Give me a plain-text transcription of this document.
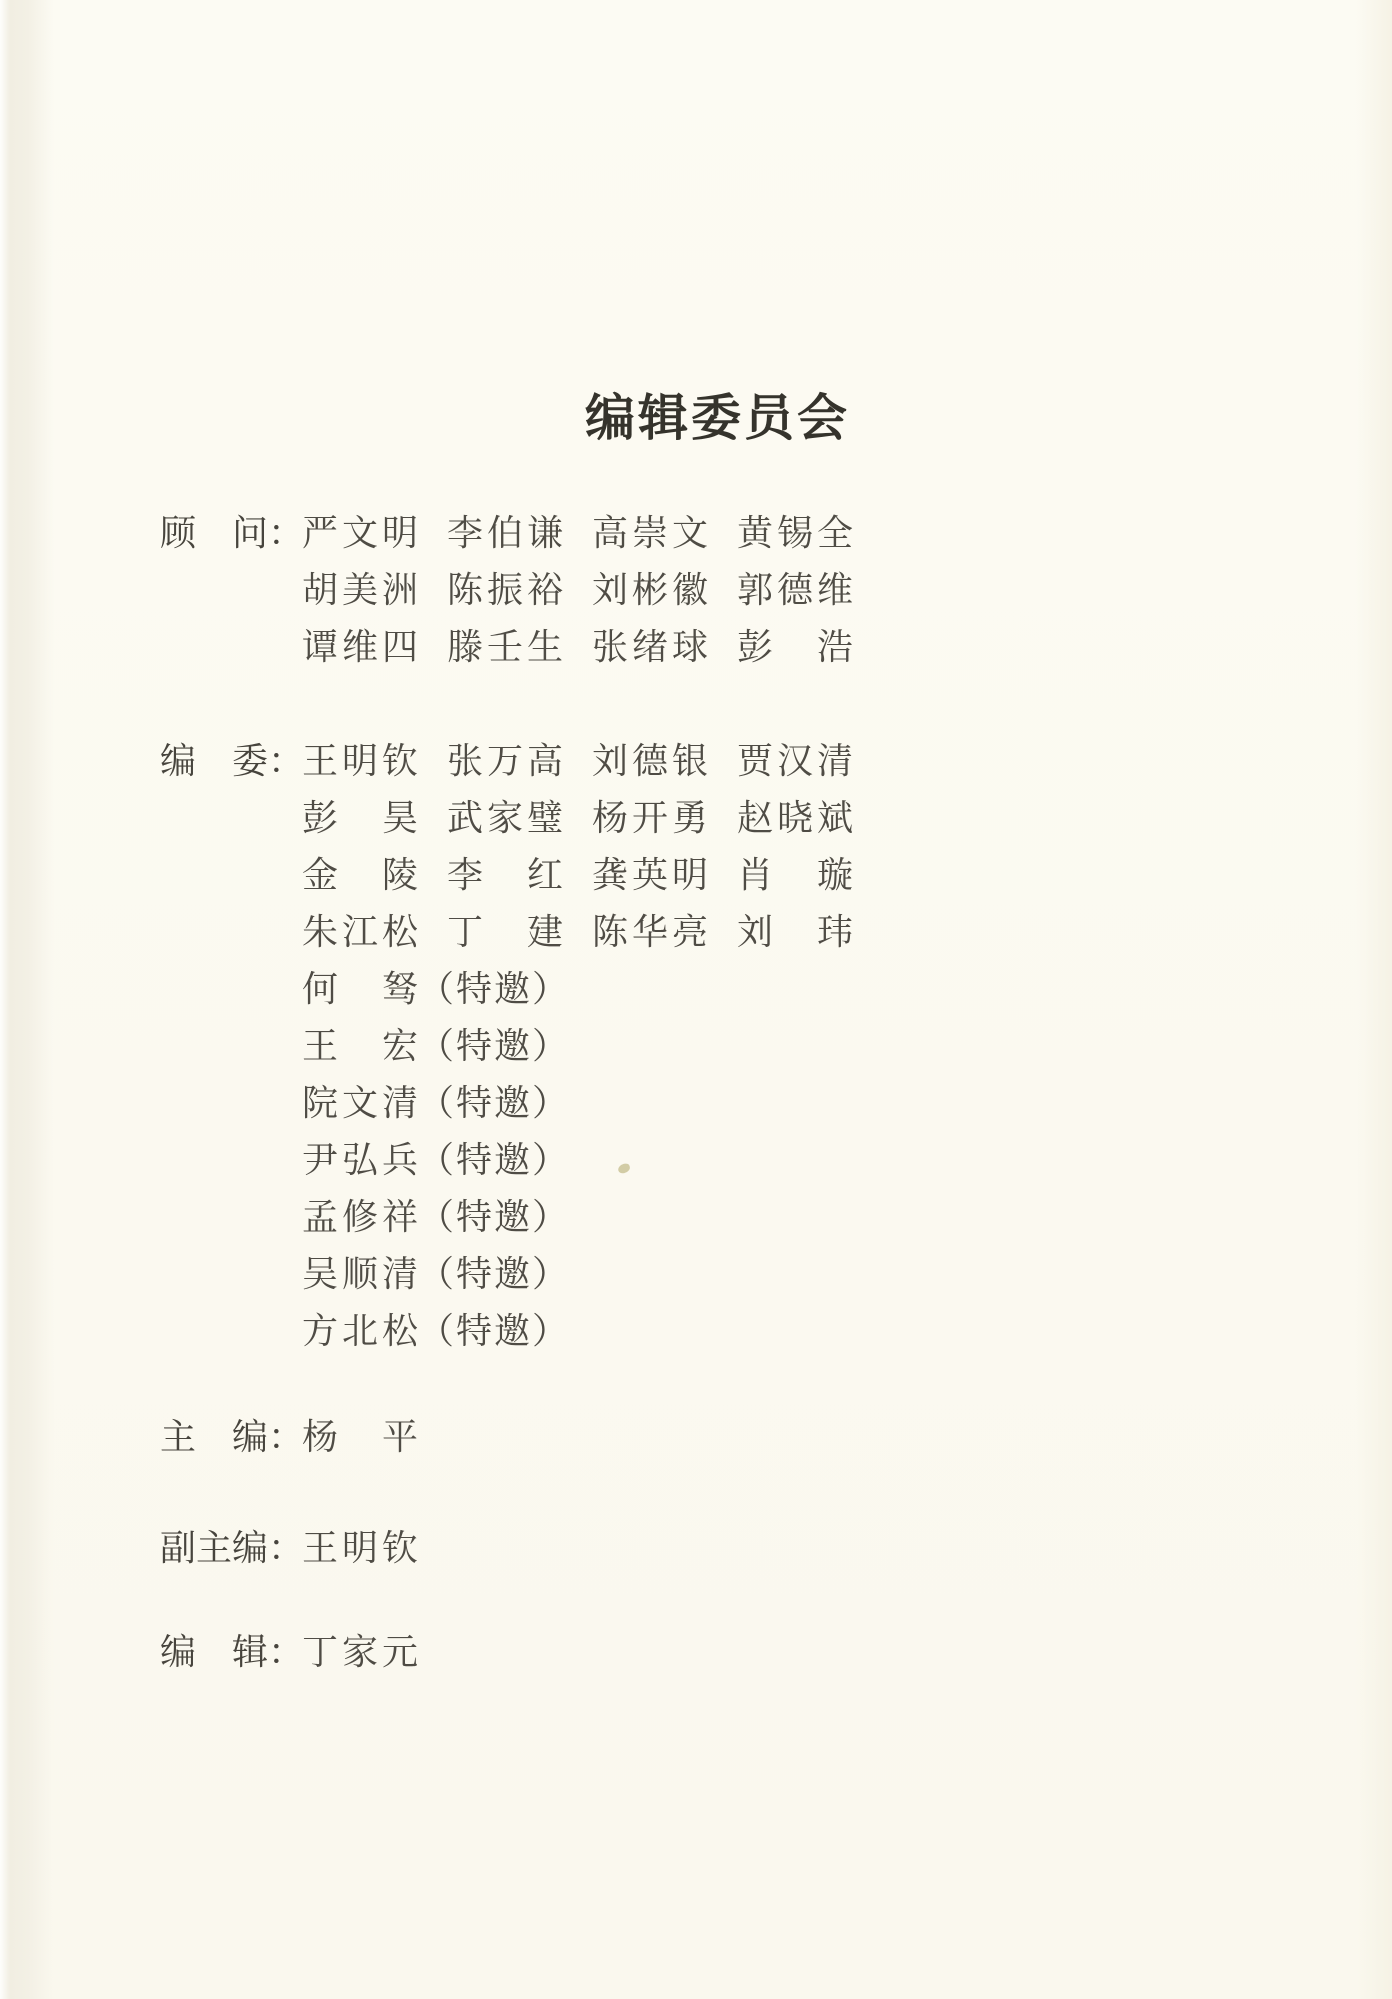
编辑委员会
顾　问：
严文明 李伯谦 高崇文 黄锡全
胡美洲 陈振裕 刘彬徽 郭德维
谭维四 滕壬生 张绪球 彭　浩
编　委：
王明钦 张万高 刘德银 贾汉清
彭　昊 武家璧 杨开勇 赵晓斌
金　陵 李　红 龚英明 肖　璇
朱江松 丁　建 陈华亮 刘　玮
何　驽
（特邀）
王　宏
（特邀）
院文清
（特邀）
尹弘兵
（特邀）
孟修祥
（特邀）
吴顺清
（特邀）
方北松
（特邀）
主　编：
杨　平
副主编：
王明钦
编　辑：
丁家元
